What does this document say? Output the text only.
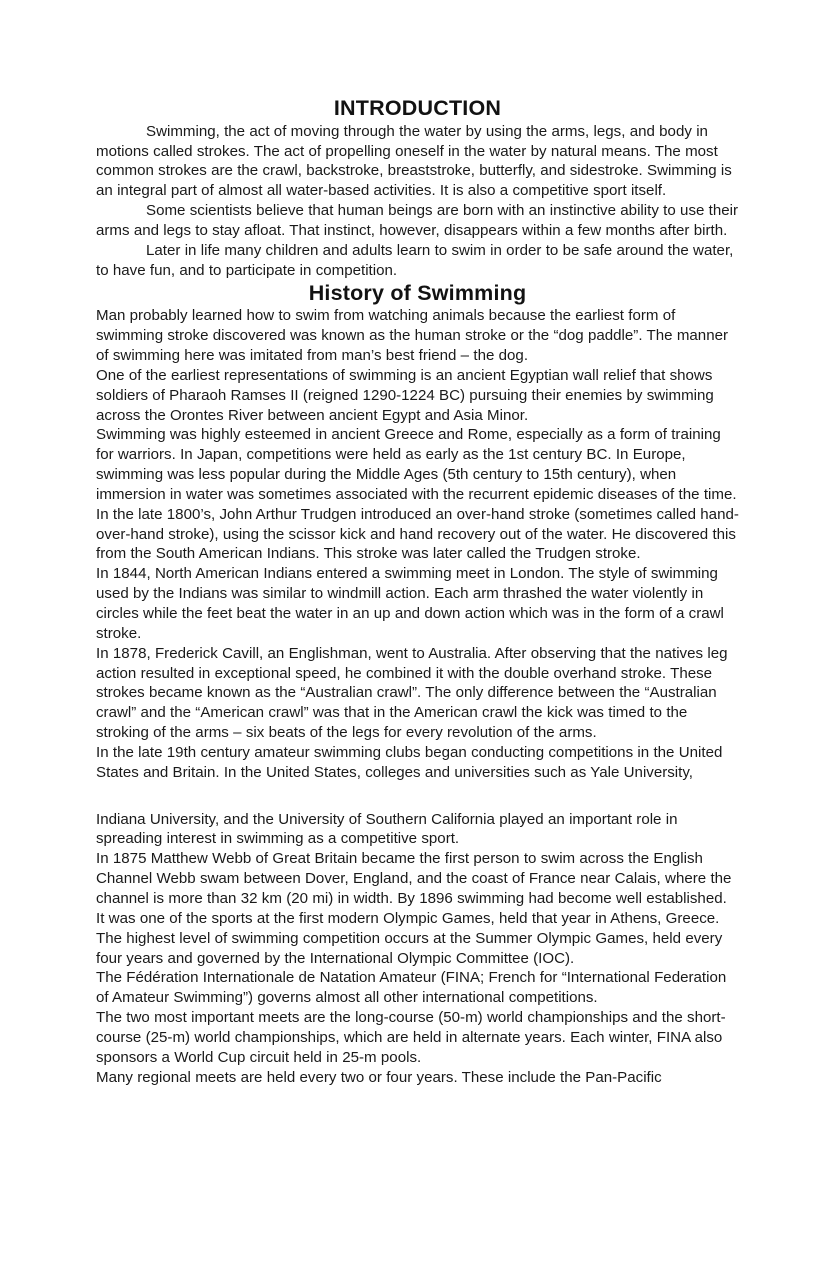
INTRODUCTION

Swimming, the act of moving through the water by using the arms, legs, and body in motions called strokes. The act of propelling oneself in the water by natural means. The most common strokes are the crawl, backstroke, breaststroke, butterfly, and sidestroke. Swimming is an integral part of almost all water-based activities. It is also a competitive sport itself.

Some scientists believe that human beings are born with an instinctive ability to use their arms and legs to stay afloat. That instinct, however, disappears within a few months after birth.

Later in life many children and adults learn to swim in order to be safe around the water, to have fun, and to participate in competition.

History of Swimming

Man probably learned how to swim from watching animals because the earliest form of swimming stroke discovered was known as the human stroke or the “dog paddle”. The manner of swimming here was imitated from man’s best friend – the dog.

One of the earliest representations of swimming is an ancient Egyptian wall relief that shows soldiers of Pharaoh Ramses II (reigned 1290-1224 BC) pursuing their enemies by swimming across the Orontes River between ancient Egypt and Asia Minor.

Swimming was highly esteemed in ancient Greece and Rome, especially as a form of training for warriors. In Japan, competitions were held as early as the 1st century BC. In Europe, swimming was less popular during the Middle Ages (5th century to 15th century), when immersion in water was sometimes associated with the recurrent epidemic diseases of the time.

In the late 1800’s, John Arthur Trudgen introduced an over-hand stroke (sometimes called hand-over-hand stroke), using the scissor kick and hand recovery out of the water. He discovered this from the South American Indians. This stroke was later called the Trudgen stroke.

In 1844, North American Indians entered a swimming meet in London. The style of swimming used by the Indians was similar to windmill action. Each arm thrashed the water violently in circles while the feet beat the water in an up and down action which was in the form of a crawl stroke.

In 1878, Frederick Cavill, an Englishman, went to Australia. After observing that the natives leg action resulted in exceptional speed, he combined it with the double overhand stroke. These strokes became known as the “Australian crawl”. The only difference between the “Australian crawl” and the “American crawl” was that in the American crawl the kick was timed to the stroking of the arms – six beats of the legs for every revolution of the arms.

In the late 19th century amateur swimming clubs began conducting competitions in the United States and Britain. In the United States, colleges and universities such as Yale University,

Indiana University, and the University of Southern California played an important role in spreading interest in swimming as a competitive sport.

In 1875 Matthew Webb of Great Britain became the first person to swim across the English Channel Webb swam between Dover, England, and the coast of France near Calais, where the channel is more than 32 km (20 mi) in width. By 1896 swimming had become well established. It was one of the sports at the first modern Olympic Games, held that year in Athens, Greece.

The highest level of swimming competition occurs at the Summer Olympic Games, held every four years and governed by the International Olympic Committee (IOC).

The Fédération Internationale de Natation Amateur (FINA; French for “International Federation of Amateur Swimming”) governs almost all other international competitions.

The two most important meets are the long-course (50-m) world championships and the short-course (25-m) world championships, which are held in alternate years. Each winter, FINA also sponsors a World Cup circuit held in 25-m pools.

Many regional meets are held every two or four years. These include the Pan-Pacific
